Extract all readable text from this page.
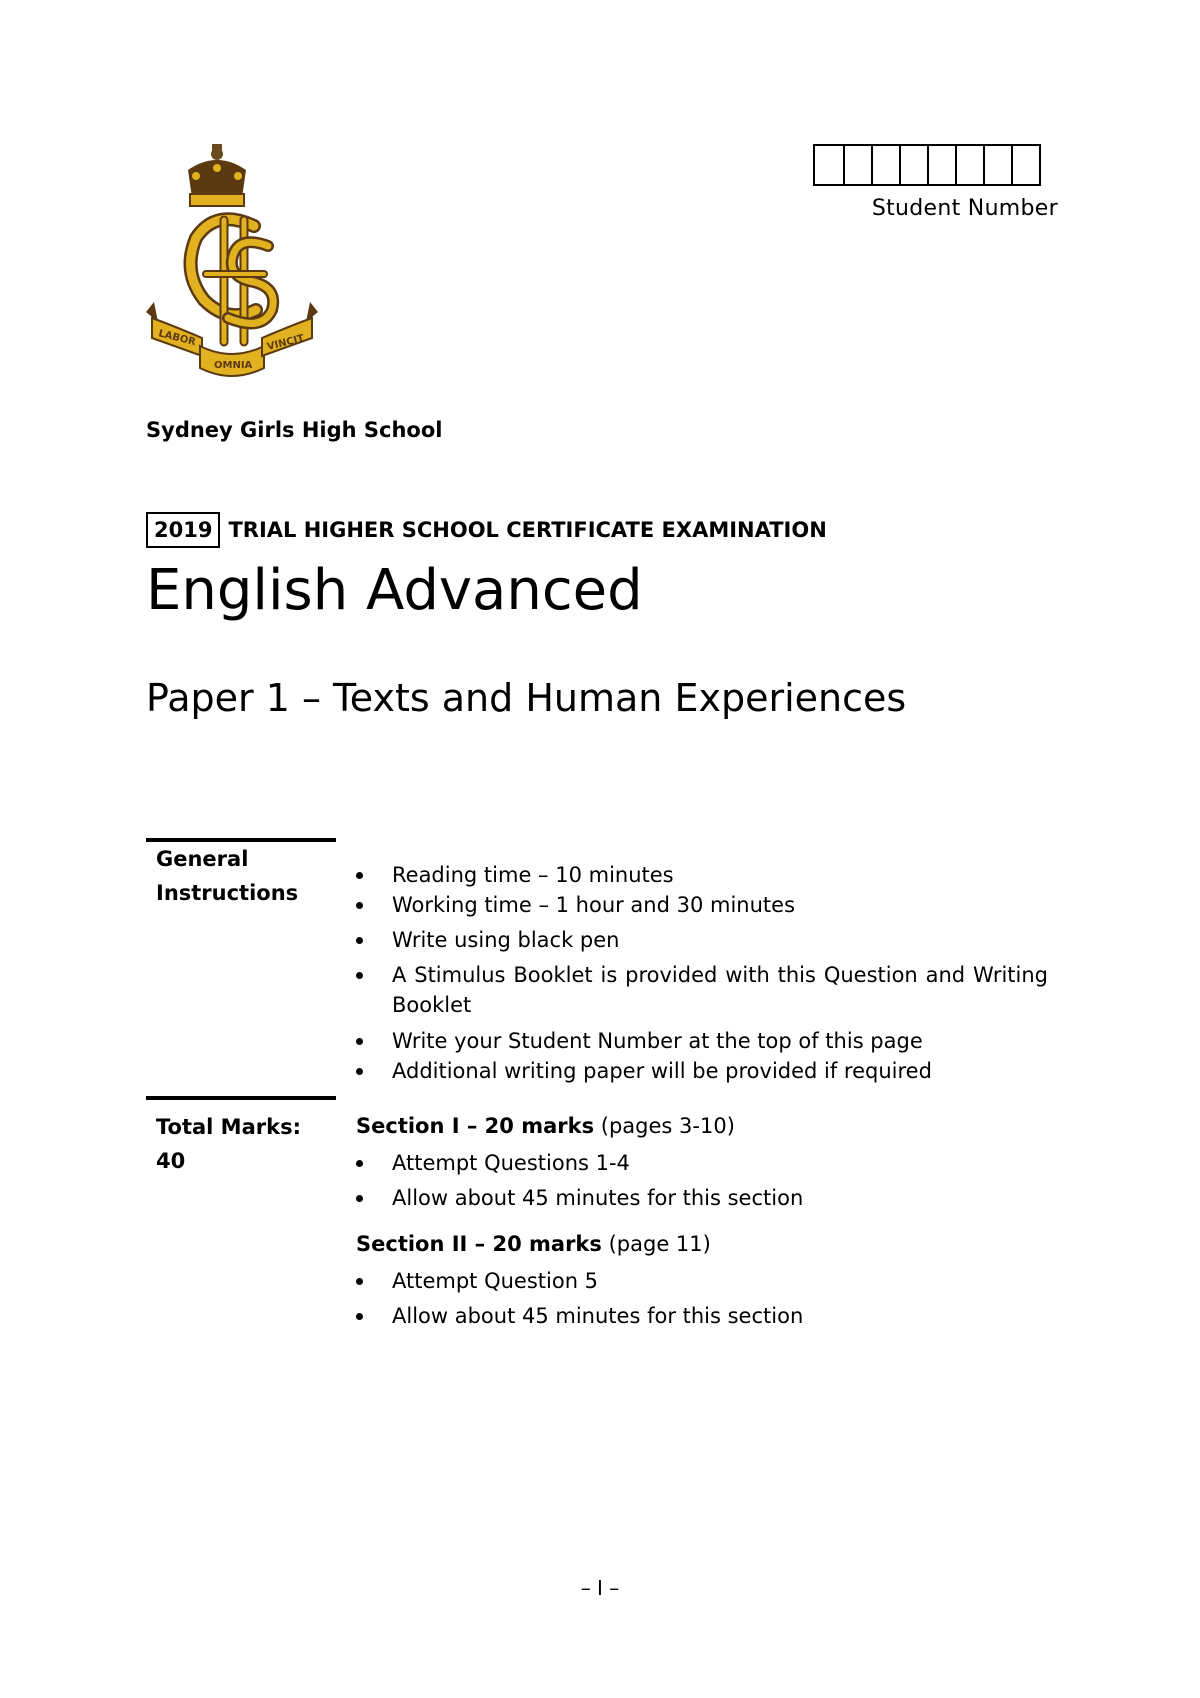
LABOR
OMNIA
VINCIT
Student Number
Sydney Girls High School
2019 TRIAL HIGHER SCHOOL CERTIFICATE EXAMINATION
English Advanced
Paper 1 – Texts and Human Experiences
General
Instructions
Reading time – 10 minutes
Working time – 1 hour and 30 minutes
Write using black pen
A Stimulus Booklet is provided with this Question and Writing Booklet
Write your Student Number at the top of this page
Additional writing paper will be provided if required
Total Marks:
40
Section I – 20 marks (pages 3-10)
Attempt Questions 1-4
Allow about 45 minutes for this section
Section II – 20 marks (page 11)
Attempt Question 5
Allow about 45 minutes for this section
– I –
